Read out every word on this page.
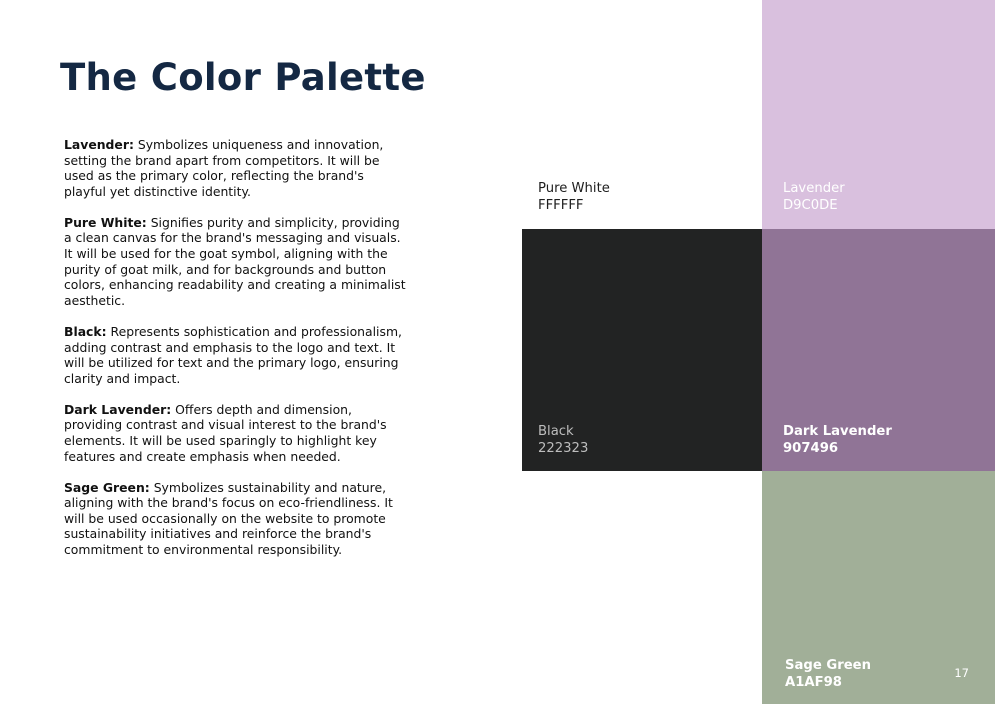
The Color Palette

Lavender: Symbolizes uniqueness and innovation, setting the brand apart from competitors. It will be used as the primary color, reflecting the brand's playful yet distinctive identity.

Pure White: Signifies purity and simplicity, providing a clean canvas for the brand's messaging and visuals. It will be used for the goat symbol, aligning with the purity of goat milk, and for backgrounds and button colors, enhancing readability and creating a minimalist aesthetic.

Black: Represents sophistication and professionalism, adding contrast and emphasis to the logo and text. It will be utilized for text and the primary logo, ensuring clarity and impact.

Dark Lavender: Offers depth and dimension, providing contrast and visual interest to the brand's elements. It will be used sparingly to highlight key features and create emphasis when needed.

Sage Green: Symbolizes sustainability and nature, aligning with the brand's focus on eco-friendliness. It will be used occasionally on the website to promote sustainability initiatives and reinforce the brand's commitment to environmental responsibility.

Pure White
FFFFFF
Lavender
D9C0DE
Black
222323
Dark Lavender
907496
Sage Green
A1AF98
17
